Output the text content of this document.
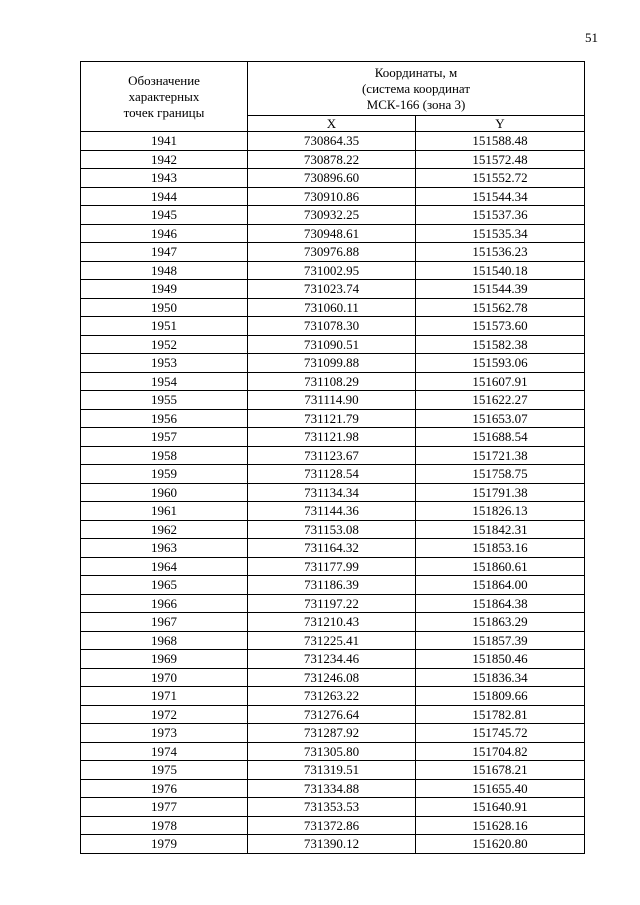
51
Обозначение
характерных
точек границы	Координаты, м
(система координат
МСК-166 (зона 3)	
	X	Y
1941	730864.35	151588.48
1942	730878.22	151572.48
1943	730896.60	151552.72
1944	730910.86	151544.34
1945	730932.25	151537.36
1946	730948.61	151535.34
1947	730976.88	151536.23
1948	731002.95	151540.18
1949	731023.74	151544.39
1950	731060.11	151562.78
1951	731078.30	151573.60
1952	731090.51	151582.38
1953	731099.88	151593.06
1954	731108.29	151607.91
1955	731114.90	151622.27
1956	731121.79	151653.07
1957	731121.98	151688.54
1958	731123.67	151721.38
1959	731128.54	151758.75
1960	731134.34	151791.38
1961	731144.36	151826.13
1962	731153.08	151842.31
1963	731164.32	151853.16
1964	731177.99	151860.61
1965	731186.39	151864.00
1966	731197.22	151864.38
1967	731210.43	151863.29
1968	731225.41	151857.39
1969	731234.46	151850.46
1970	731246.08	151836.34
1971	731263.22	151809.66
1972	731276.64	151782.81
1973	731287.92	151745.72
1974	731305.80	151704.82
1975	731319.51	151678.21
1976	731334.88	151655.40
1977	731353.53	151640.91
1978	731372.86	151628.16
1979	731390.12	151620.80
